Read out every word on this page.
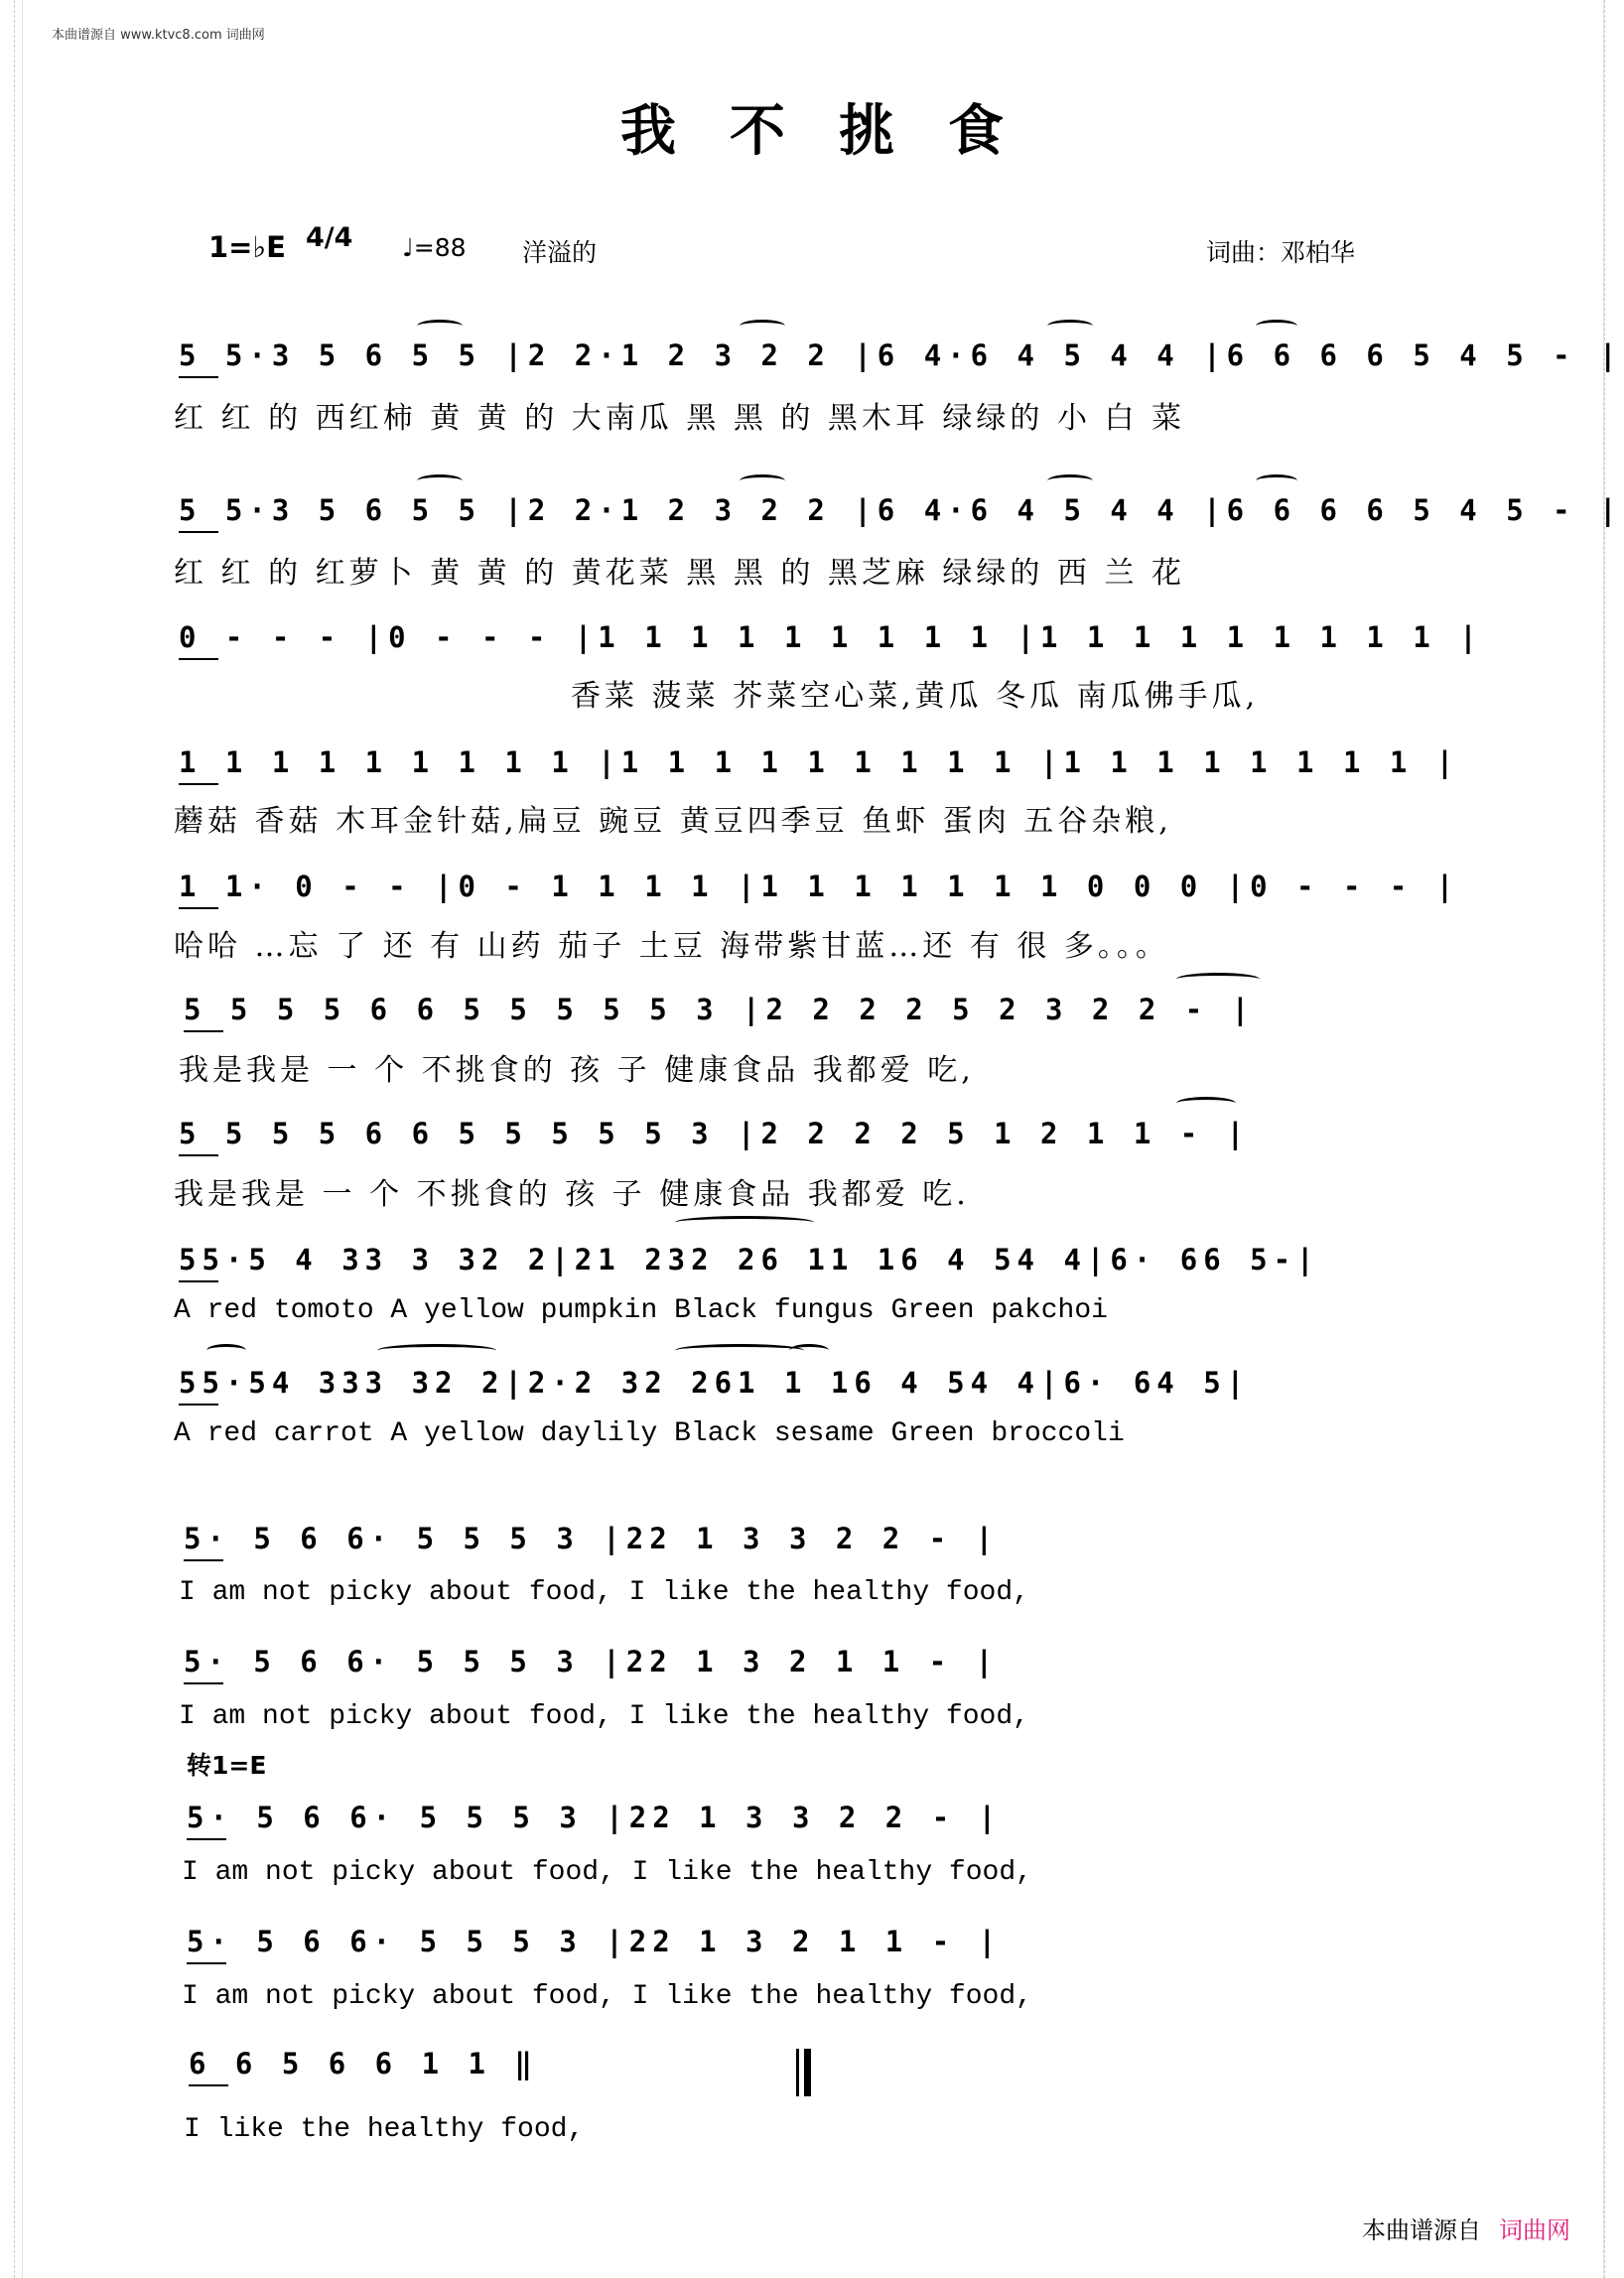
本曲谱源自 www.ktvc8.com 词曲网
我不挑食
1=♭E 4/4 ♩=88 洋溢的	词曲：邓柏华
5 5·3 5 6 5 5 |2 2·1 2 3 2 2 |6 4·6 4 5 4 4 |6 6 6 6 5 4 5 - |
红 红 的 西红柿 黄 黄 的 大南瓜 黑 黑 的 黑木耳 绿绿的 小 白 菜
5 5·3 5 6 5 5 |2 2·1 2 3 2 2 |6 4·6 4 5 4 4 |6 6 6 6 5 4 5 - |
红 红 的 红萝卜 黄 黄 的 黄花菜 黑 黑 的 黑芝麻 绿绿的 西 兰 花
0 - - - |0 - - - |1 1 1 1 1 1 1 1 1 |1 1 1 1 1 1 1 1 1 |
香菜 菠菜 芥菜空心菜,黄瓜 冬瓜 南瓜佛手瓜,
1 1 1 1 1 1 1 1 1 |1 1 1 1 1 1 1 1 1 |1 1 1 1 1 1 1 1 |
蘑菇 香菇 木耳金针菇,扁豆 豌豆 黄豆四季豆 鱼虾 蛋肉 五谷杂粮,
1 1· 0 - - |0 - 1 1 1 1 |1 1 1 1 1 1 1 0 0 0 |0 - - - |
哈哈 …忘 了 还 有 山药 茄子 土豆 海带紫甘蓝…还 有 很 多。。。
5 5 5 5 6 6 5 5 5 5 5 3 |2 2 2 2 5 2 3 2 2 - |
我是我是 一 个 不挑食的 孩 子 健康食品 我都爱 吃,
5 5 5 5 6 6 5 5 5 5 5 3 |2 2 2 2 5 1 2 1 1 - |
我是我是 一 个 不挑食的 孩 子 健康食品 我都爱 吃.
55·5 4 33 3 32 2|21 232 26 11 16 4 54 4|6· 66 5-|
A red tomoto A yellow pumpkin Black fungus Green pakchoi
55·54 333 32 2|2·2 32 261 1 16 4 54 4|6· 64 5|
A red carrot A yellow daylily Black sesame Green broccoli
5· 5 6 6· 5 5 5 3 |22 1 3 3 2 2 - |
I am not picky about food, I like the healthy food,
5· 5 6 6· 5 5 5 3 |22 1 3 2 1 1 - |
I am not picky about food, I like the healthy food,
5· 5 6 6· 5 5 5 3 |22 1 3 3 2 2 - |
I am not picky about food, I like the healthy food,
5· 5 6 6· 5 5 5 3 |22 1 3 2 1 1 - |
I am not picky about food, I like the healthy food,
6 6 5 6 6 1 1 ‖
I like the healthy food,
转1=E
本曲谱源自 词曲网
